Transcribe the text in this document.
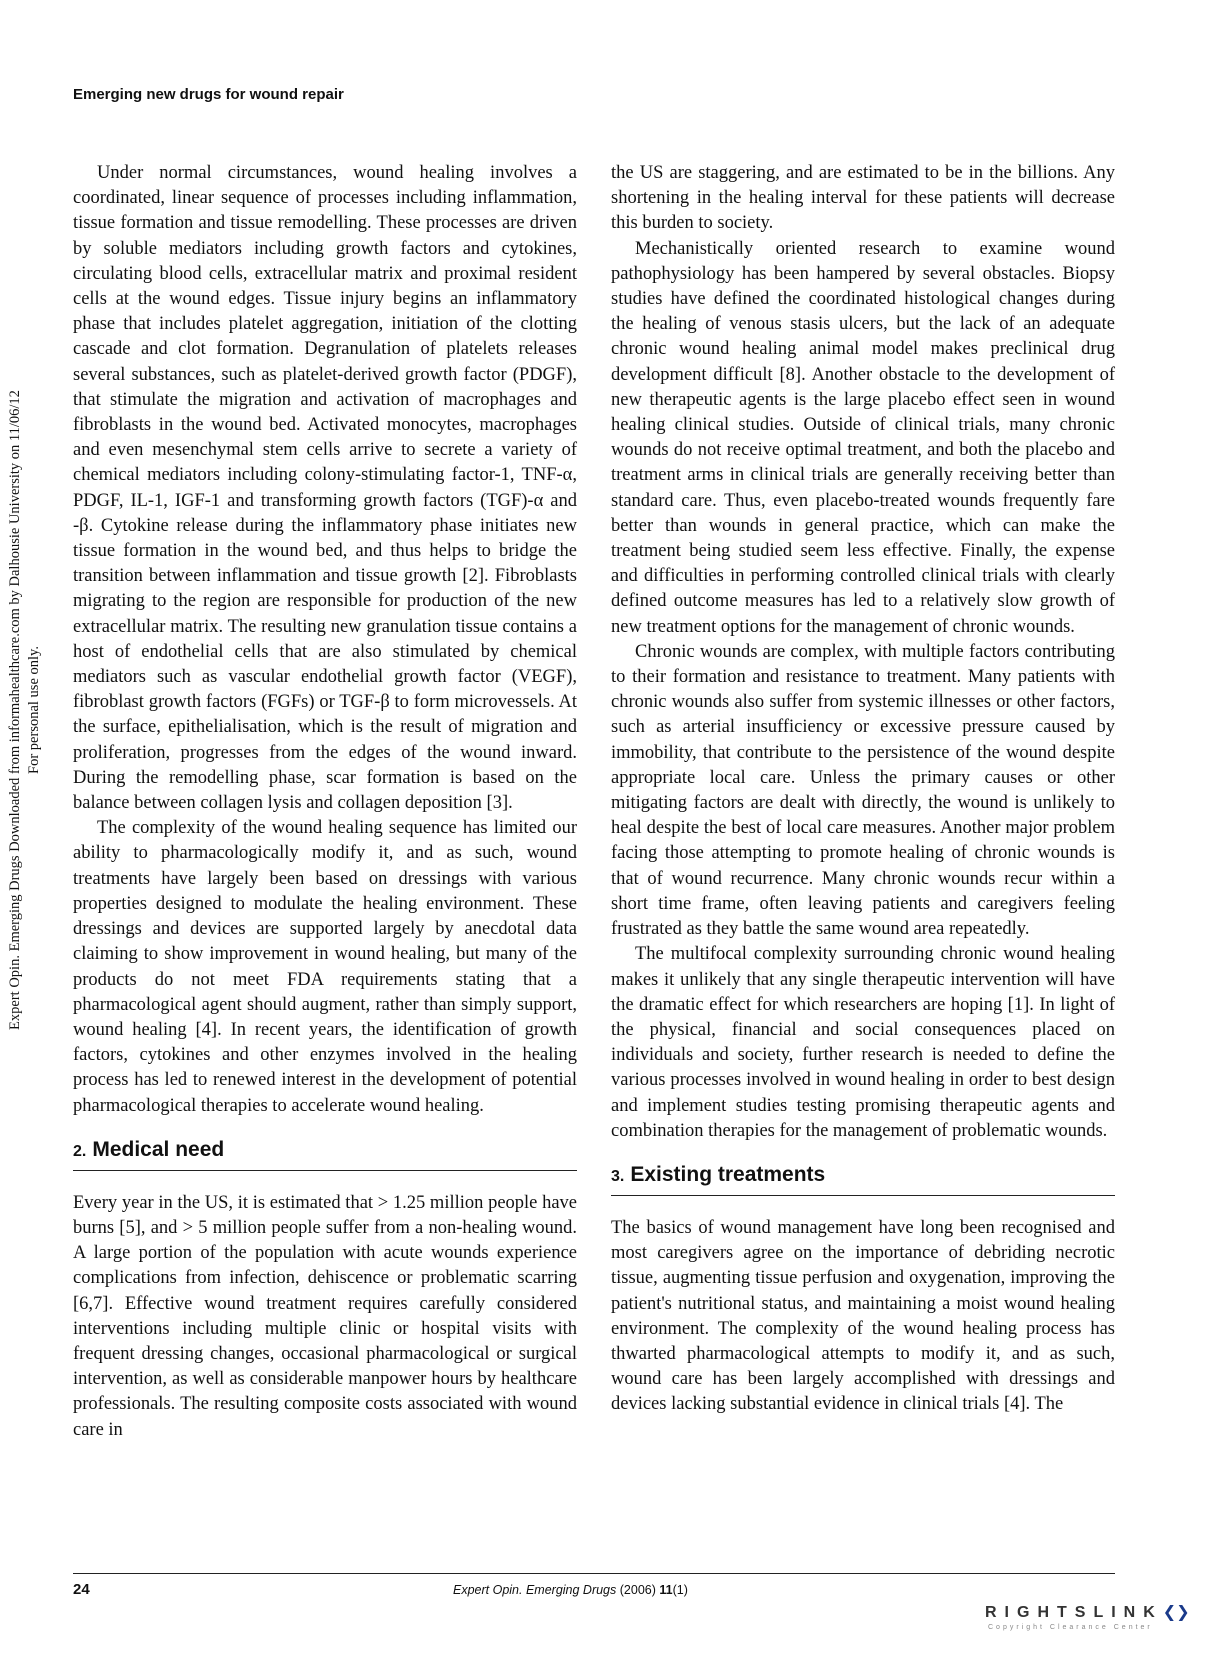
Emerging new drugs for wound repair
Expert Opin. Emerging Drugs Downloaded from informahealthcare.com by Dalhousie University on 11/06/12 For personal use only.

Under normal circumstances, wound healing involves a coordinated, linear sequence of processes including inflammation, tissue formation and tissue remodelling. These processes are driven by soluble mediators including growth factors and cytokines, circulating blood cells, extracellular matrix and proximal resident cells at the wound edges. Tissue injury begins an inflammatory phase that includes platelet aggregation, initiation of the clotting cascade and clot formation. Degranulation of platelets releases several substances, such as platelet-derived growth factor (PDGF), that stimulate the migration and activation of macrophages and fibroblasts in the wound bed. Activated monocytes, macrophages and even mesenchymal stem cells arrive to secrete a variety of chemical mediators including colony-stimulating factor-1, TNF-α, PDGF, IL-1, IGF-1 and transforming growth factors (TGF)-α and -β. Cytokine release during the inflammatory phase initiates new tissue formation in the wound bed, and thus helps to bridge the transition between inflammation and tissue growth [2]. Fibroblasts migrating to the region are responsible for production of the new extracellular matrix. The resulting new granulation tissue contains a host of endothelial cells that are also stimulated by chemical mediators such as vascular endothelial growth factor (VEGF), fibroblast growth factors (FGFs) or TGF-β to form microvessels. At the surface, epithelialisation, which is the result of migration and proliferation, progresses from the edges of the wound inward. During the remodelling phase, scar formation is based on the balance between collagen lysis and collagen deposition [3].

The complexity of the wound healing sequence has limited our ability to pharmacologically modify it, and as such, wound treatments have largely been based on dressings with various properties designed to modulate the healing environment. These dressings and devices are supported largely by anecdotal data claiming to show improvement in wound healing, but many of the products do not meet FDA requirements stating that a pharmacological agent should augment, rather than simply support, wound healing [4]. In recent years, the identification of growth factors, cytokines and other enzymes involved in the healing process has led to renewed interest in the development of potential pharmacological therapies to accelerate wound healing.

2. Medical need

Every year in the US, it is estimated that > 1.25 million people have burns [5], and > 5 million people suffer from a non-healing wound. A large portion of the population with acute wounds experience complications from infection, dehiscence or problematic scarring [6,7]. Effective wound treatment requires carefully considered interventions including multiple clinic or hospital visits with frequent dressing changes, occasional pharmacological or surgical intervention, as well as considerable manpower hours by healthcare professionals. The resulting composite costs associated with wound care in

the US are staggering, and are estimated to be in the billions. Any shortening in the healing interval for these patients will decrease this burden to society.

Mechanistically oriented research to examine wound pathophysiology has been hampered by several obstacles. Biopsy studies have defined the coordinated histological changes during the healing of venous stasis ulcers, but the lack of an adequate chronic wound healing animal model makes preclinical drug development difficult [8]. Another obstacle to the development of new therapeutic agents is the large placebo effect seen in wound healing clinical studies. Outside of clinical trials, many chronic wounds do not receive optimal treatment, and both the placebo and treatment arms in clinical trials are generally receiving better than standard care. Thus, even placebo-treated wounds frequently fare better than wounds in general practice, which can make the treatment being studied seem less effective. Finally, the expense and difficulties in performing controlled clinical trials with clearly defined outcome measures has led to a relatively slow growth of new treatment options for the management of chronic wounds.

Chronic wounds are complex, with multiple factors contributing to their formation and resistance to treatment. Many patients with chronic wounds also suffer from systemic illnesses or other factors, such as arterial insufficiency or excessive pressure caused by immobility, that contribute to the persistence of the wound despite appropriate local care. Unless the primary causes or other mitigating factors are dealt with directly, the wound is unlikely to heal despite the best of local care measures. Another major problem facing those attempting to promote healing of chronic wounds is that of wound recurrence. Many chronic wounds recur within a short time frame, often leaving patients and caregivers feeling frustrated as they battle the same wound area repeatedly.

The multifocal complexity surrounding chronic wound healing makes it unlikely that any single therapeutic intervention will have the dramatic effect for which researchers are hoping [1]. In light of the physical, financial and social consequences placed on individuals and society, further research is needed to define the various processes involved in wound healing in order to best design and implement studies testing promising therapeutic agents and combination therapies for the management of problematic wounds.

3. Existing treatments

The basics of wound management have long been recognised and most caregivers agree on the importance of debriding necrotic tissue, augmenting tissue perfusion and oxygenation, improving the patient's nutritional status, and maintaining a moist wound healing environment. The complexity of the wound healing process has thwarted pharmacological attempts to modify it, and as such, wound care has been largely accomplished with dressings and devices lacking substantial evidence in clinical trials [4]. The

24	Expert Opin. Emerging Drugs (2006) 11(1)
RIGHTSLINK❮❯
Copyright Clearance Center
